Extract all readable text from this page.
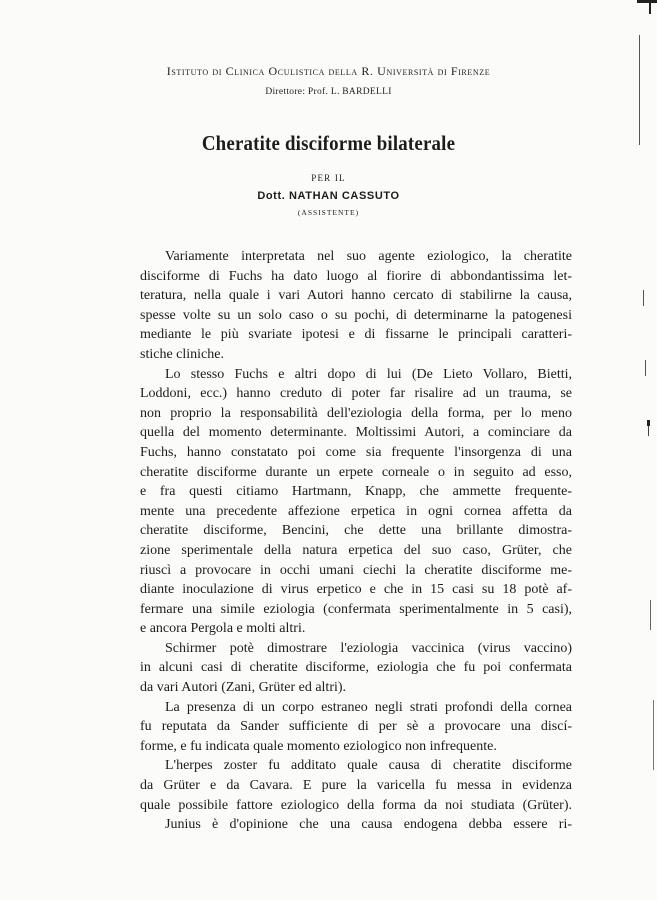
Istituto di Clinica Oculistica della R. Università di Firenze
Direttore: Prof. L. BARDELLI
Cheratite disciforme bilaterale
PER IL
Dott. NATHAN CASSUTO
(ASSISTENTE)
Variamente interpretata nel suo agente eziologico, la cheratite
disciforme di Fuchs ha dato luogo al fiorire di abbondantissima let-
teratura, nella quale i vari Autori hanno cercato di stabilirne la causa,
spesse volte su un solo caso o su pochi, di determinarne la patogenesi
mediante le più svariate ipotesi e di fissarne le principali caratteri-
stiche cliniche.
Lo stesso Fuchs e altri dopo di lui (De Lieto Vollaro, Bietti,
Loddoni, ecc.) hanno creduto di poter far risalire ad un trauma, se
non proprio la responsabilità dell'eziologia della forma, per lo meno
quella del momento determinante. Moltissimi Autori, a cominciare da
Fuchs, hanno constatato poi come sia frequente l'insorgenza di una
cheratite disciforme durante un erpete corneale o in seguito ad esso,
e fra questi citiamo Hartmann, Knapp, che ammette frequente-
mente una precedente affezione erpetica in ogni cornea affetta da
cheratite disciforme, Bencini, che dette una brillante dimostra-
zione sperimentale della natura erpetica del suo caso, Grüter, che
riuscì a provocare in occhi umani ciechi la cheratite disciforme me-
diante inoculazione di virus erpetico e che in 15 casi su 18 potè af-
fermare una simile eziologia (confermata sperimentalmente in 5 casi),
e ancora Pergola e molti altri.
Schirmer potè dimostrare l'eziologia vaccinica (virus vaccino)
in alcuni casi di cheratite disciforme, eziologia che fu poi confermata
da vari Autori (Zani, Grüter ed altri).
La presenza di un corpo estraneo negli strati profondi della cornea
fu reputata da Sander sufficiente di per sè a provocare una discí-
forme, e fu indicata quale momento eziologico non infrequente.
L'herpes zoster fu additato quale causa di cheratite disciforme
da Grüter e da Cavara. E pure la varicella fu messa in evidenza
quale possibile fattore eziologico della forma da noi studiata (Grüter).
Junius è d'opinione che una causa endogena debba essere ri-
